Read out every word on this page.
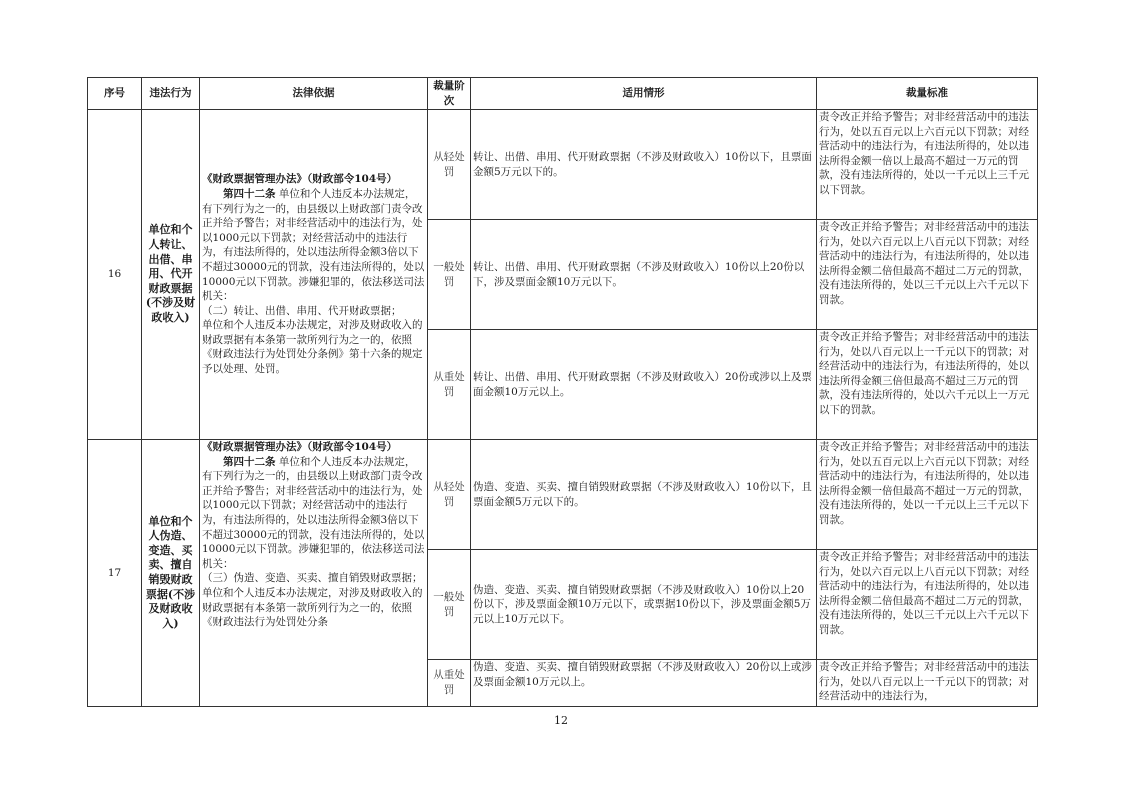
序号	违法行为	法律依据	裁量阶次	适用情形	裁量标准
16	单位和个人转让、出借、串用、代开财政票据(不涉及财政收入)	《财政票据管理办法》（财政部令104号）
第四十二条 单位和个人违反本办法规定，有下列行为之一的，由县级以上财政部门责令改正并给予警告；对非经营活动中的违法行为，处以1000元以下罚款；对经营活动中的违法行为，有违法所得的，处以违法所得金额3倍以下不超过30000元的罚款，没有违法所得的，处以10000元以下罚款。涉嫌犯罪的，依法移送司法机关：
（二）转让、出借、串用、代开财政票据；
单位和个人违反本办法规定，对涉及财政收入的财政票据有本条第一款所列行为之一的，依照《财政违法行为处罚处分条例》第十六条的规定予以处理、处罚。	从轻处罚	转让、出借、串用、代开财政票据（不涉及财政收入）10份以下，且票面金额5万元以下的。	责令改正并给予警告；对非经营活动中的违法行为，处以五百元以上六百元以下罚款；对经营活动中的违法行为，有违法所得的，处以违法所得金额一倍以上最高不超过一万元的罚款，没有违法所得的，处以一千元以上三千元以下罚款。
			一般处罚	转让、出借、串用、代开财政票据（不涉及财政收入）10份以上20份以下，涉及票面金额10万元以下。	责令改正并给予警告；对非经营活动中的违法行为，处以六百元以上八百元以下罚款；对经营活动中的违法行为，有违法所得的，处以违法所得金额二倍但最高不超过二万元的罚款，没有违法所得的，处以三千元以上六千元以下罚款。
			从重处罚	转让、出借、串用、代开财政票据（不涉及财政收入）20份或涉以上及票面金额10万元以上。	责令改正并给予警告；对非经营活动中的违法行为，处以八百元以上一千元以下的罚款；对经营活动中的违法行为，有违法所得的，处以违法所得金额三倍但最高不超过三万元的罚款，没有违法所得的，处以六千元以上一万元以下的罚款。
17	单位和个人伪造、变造、买卖、擅自销毁财政票据(不涉及财政收入)	《财政票据管理办法》（财政部令104号）
第四十二条 单位和个人违反本办法规定，有下列行为之一的，由县级以上财政部门责令改正并给予警告；对非经营活动中的违法行为，处以1000元以下罚款；对经营活动中的违法行为，有违法所得的，处以违法所得金额3倍以下不超过30000元的罚款，没有违法所得的，处以10000元以下罚款。涉嫌犯罪的，依法移送司法机关：
（三）伪造、变造、买卖、擅自销毁财政票据；
单位和个人违反本办法规定，对涉及财政收入的财政票据有本条第一款所列行为之一的，依照《财政违法行为处罚处分条	从轻处罚	伪造、变造、买卖、擅自销毁财政票据（不涉及财政收入）10份以下，且票面金额5万元以下的。	责令改正并给予警告；对非经营活动中的违法行为，处以五百元以上六百元以下罚款；对经营活动中的违法行为，有违法所得的，处以违法所得金额一倍但最高不超过一万元的罚款，没有违法所得的，处以一千元以上三千元以下罚款。
			一般处罚	伪造、变造、买卖、擅自销毁财政票据（不涉及财政收入）10份以上20份以下，涉及票面金额10万元以下，或票据10份以下，涉及票面金额5万元以上10万元以下。	责令改正并给予警告；对非经营活动中的违法行为，处以六百元以上八百元以下罚款；对经营活动中的违法行为，有违法所得的，处以违法所得金额二倍但最高不超过二万元的罚款，没有违法所得的，处以三千元以上六千元以下罚款。
			从重处罚	伪造、变造、买卖、擅自销毁财政票据（不涉及财政收入）20份以上或涉及票面金额10万元以上。	责令改正并给予警告；对非经营活动中的违法行为，处以八百元以上一千元以下的罚款；对经营活动中的违法行为，
12
